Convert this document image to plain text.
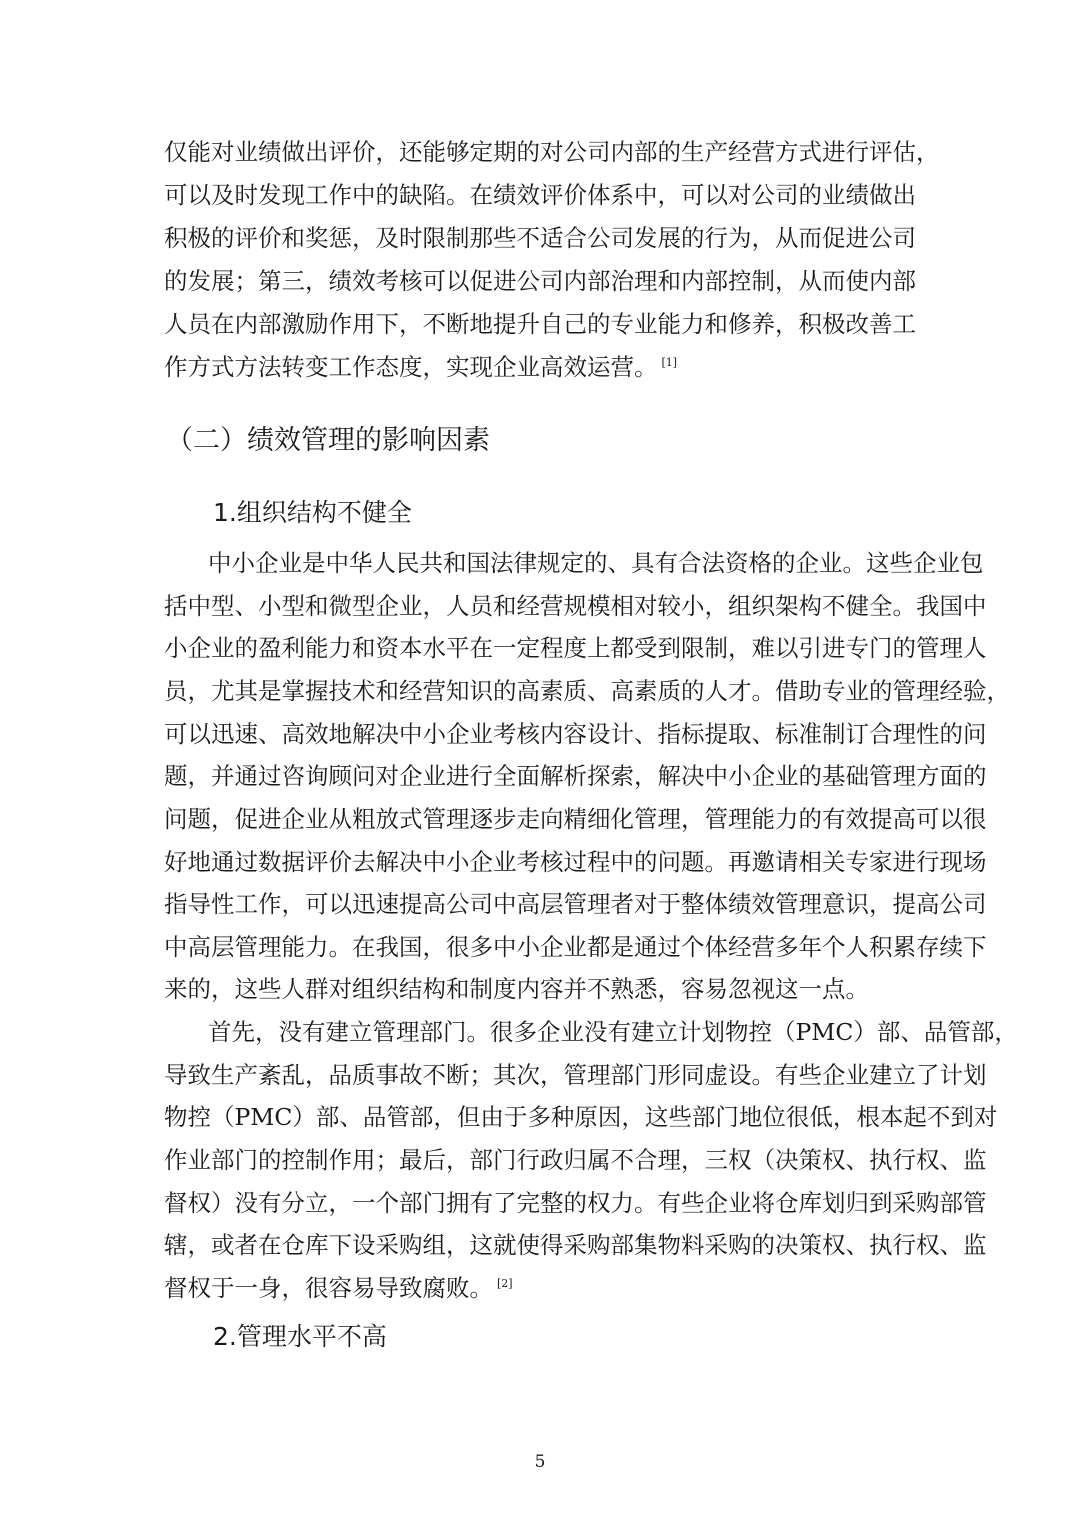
仅能对业绩做出评价，还能够定期的对公司内部的生产经营方式进行评估，
可以及时发现工作中的缺陷。在绩效评价体系中，可以对公司的业绩做出
积极的评价和奖惩，及时限制那些不适合公司发展的行为，从而促进公司
的发展；第三，绩效考核可以促进公司内部治理和内部控制，从而使内部
人员在内部激励作用下，不断地提升自己的专业能力和修养，积极改善工
作方式方法转变工作态度，实现企业高效运营。 [1]
（二）绩效管理的影响因素
1.组织结构不健全
中小企业是中华人民共和国法律规定的、具有合法资格的企业。这些企业包
括中型、小型和微型企业，人员和经营规模相对较小，组织架构不健全。我国中
小企业的盈利能力和资本水平在一定程度上都受到限制，难以引进专门的管理人
员，尤其是掌握技术和经营知识的高素质、高素质的人才。借助专业的管理经验，
可以迅速、高效地解决中小企业考核内容设计、指标提取、标准制订合理性的问
题，并通过咨询顾问对企业进行全面解析探索，解决中小企业的基础管理方面的
问题，促进企业从粗放式管理逐步走向精细化管理，管理能力的有效提高可以很
好地通过数据评价去解决中小企业考核过程中的问题。再邀请相关专家进行现场
指导性工作，可以迅速提高公司中高层管理者对于整体绩效管理意识，提高公司
中高层管理能力。在我国，很多中小企业都是通过个体经营多年个人积累存续下
来的，这些人群对组织结构和制度内容并不熟悉，容易忽视这一点。
首先，没有建立管理部门。很多企业没有建立计划物控（PMC）部、品管部，
导致生产紊乱，品质事故不断；其次，管理部门形同虚设。有些企业建立了计划
物控（PMC）部、品管部，但由于多种原因，这些部门地位很低，根本起不到对
作业部门的控制作用；最后，部门行政归属不合理，三权（决策权、执行权、监
督权）没有分立，一个部门拥有了完整的权力。有些企业将仓库划归到采购部管
辖，或者在仓库下设采购组，这就使得采购部集物料采购的决策权、执行权、监
督权于一身，很容易导致腐败。 [2]
2.管理水平不高
5
